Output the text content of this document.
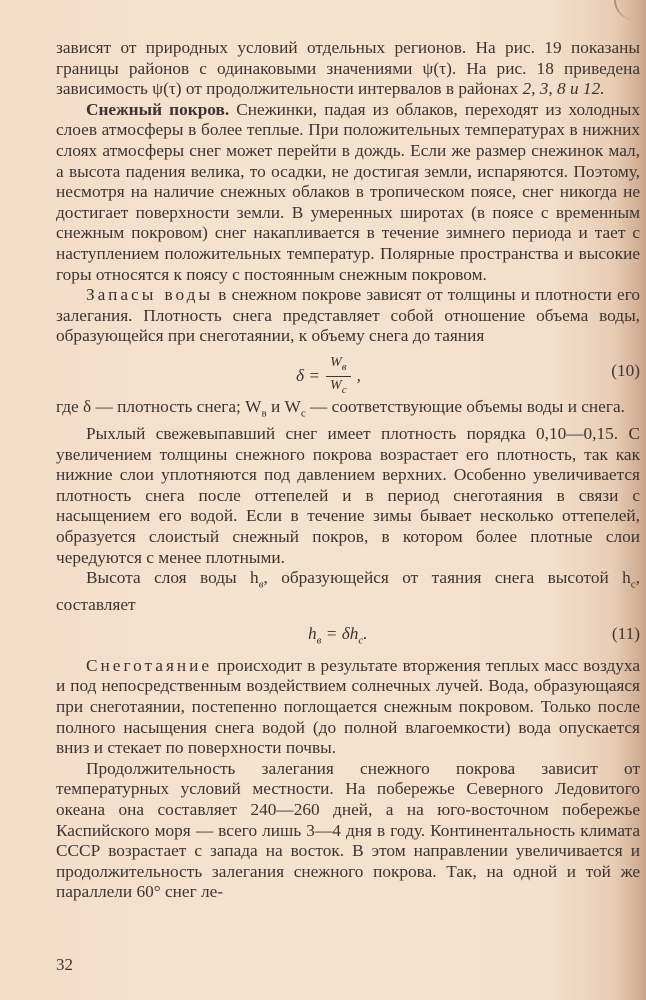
зависят от природных условий отдельных регионов. На рис. 19 показаны границы районов с одинаковыми значениями ψ(τ). На рис. 18 приведена зависимость ψ(τ) от продолжительности интервалов в районах 2, 3, 8 и 12.

Снежный покров. Снежинки, падая из облаков, переходят из холодных слоев атмосферы в более теплые. При положительных температурах в нижних слоях атмосферы снег может перейти в дождь. Если же размер снежинок мал, а высота падения велика, то осадки, не достигая земли, испаряются. Поэтому, несмотря на наличие снежных облаков в тропическом поясе, снег никогда не достигает поверхности земли. В умеренных широтах (в поясе с временным снежным покровом) снег накапливается в течение зимнего периода и тает с наступлением положительных температур. Полярные пространства и высокие горы относятся к поясу с постоянным снежным покровом.

Запасы воды в снежном покрове зависят от толщины и плотности его залегания. Плотность снега представляет собой отношение объема воды, образующейся при снеготаянии, к объему снега до таяния

$\delta = \frac{W_в}{W_с}$ ,	(10)

где δ — плотность снега; $W_в$ и $W_с$ — соответствующие объемы воды и снега.

Рыхлый свежевыпавший снег имеет плотность порядка 0,10—0,15. С увеличением толщины снежного покрова возрастает его плотность, так как нижние слои уплотняются под давлением верхних. Особенно увеличивается плотность снега после оттепелей и в период снеготаяния в связи с насыщением его водой. Если в течение зимы бывает несколько оттепелей, образуется слоистый снежный покров, в котором более плотные слои чередуются с менее плотными.

Высота слоя воды $h_в$, образующейся от таяния снега высотой $h_с$, составляет

$h_в = \delta h_с$.	(11)

Снеготаяние происходит в результате вторжения теплых масс воздуха и под непосредственным воздействием солнечных лучей. Вода, образующаяся при снеготаянии, постепенно поглощается снежным покровом. Только после полного насыщения снега водой (до полной влагоемкости) вода опускается вниз и стекает по поверхности почвы.

Продолжительность залегания снежного покрова зависит от температурных условий местности. На побережье Северного Ледовитого океана она составляет 240—260 дней, а на юго-восточном побережье Каспийского моря — всего лишь 3—4 дня в году. Континентальность климата СССР возрастает с запада на восток. В этом направлении увеличивается и продолжительность залегания снежного покрова. Так, на одной и той же параллели 60° снег ле-

32
